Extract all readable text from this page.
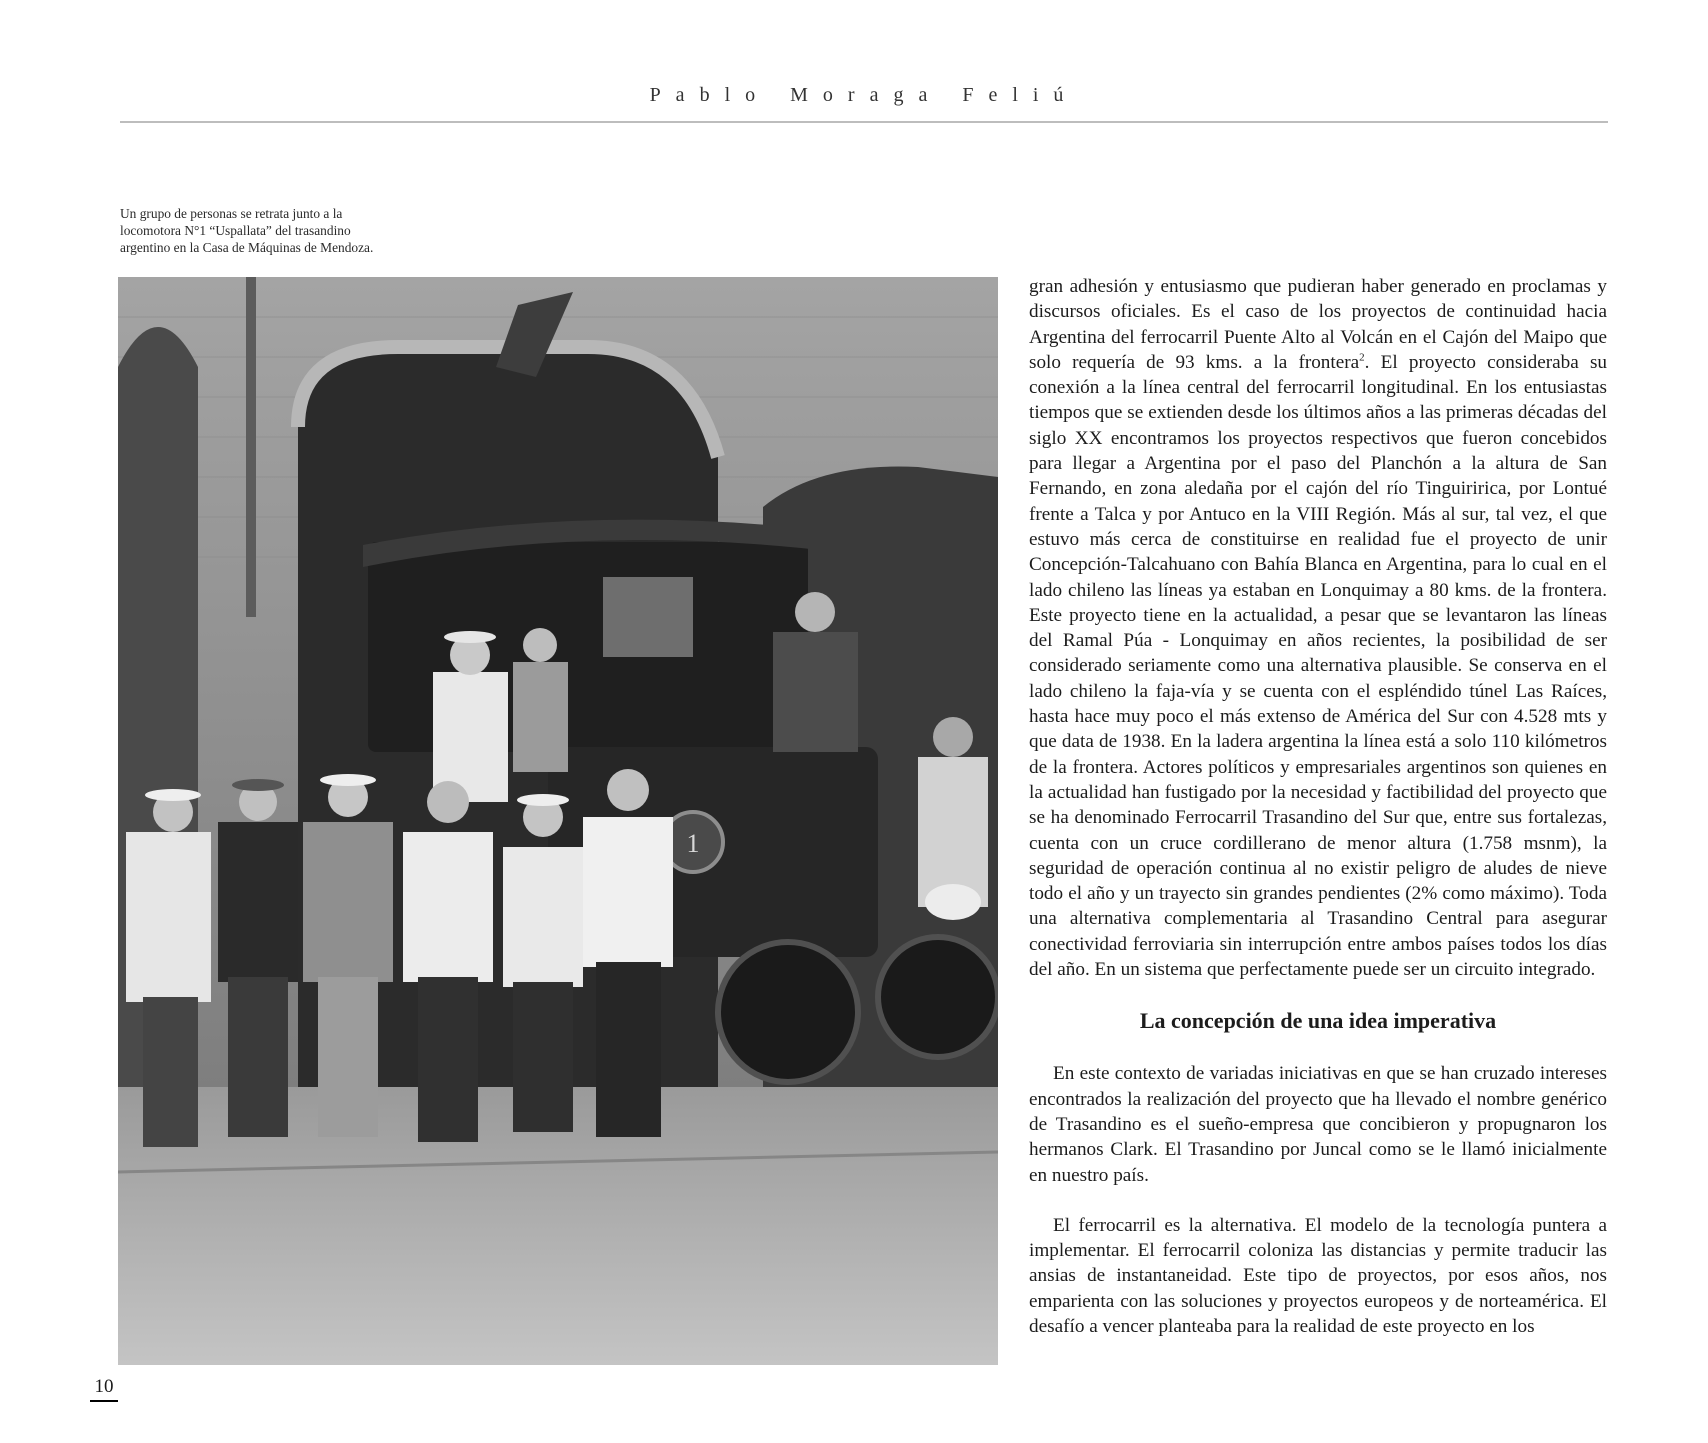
Pablo Moraga Feliú
Un grupo de personas se retrata junto a la
locomotora N°1 “Uspallata” del trasandino
argentino en la Casa de Máquinas de Mendoza.
1

gran adhesión y entusiasmo que pudieran haber generado en proclamas y discursos oficiales. Es el caso de los proyectos de continuidad hacia Argentina del ferrocarril Puente Alto al Volcán en el Cajón del Maipo que solo requería de 93 kms. a la frontera$^2$. El proyecto consideraba su conexión a la línea central del ferrocarril longitudinal. En los entusiastas tiempos que se extienden desde los últimos años a las primeras décadas del siglo XX encontramos los proyectos respectivos que fueron concebidos para llegar a Argentina por el paso del Planchón a la altura de San Fernando, en zona aledaña por el cajón del río Tinguiririca, por Lontué frente a Talca y por Antuco en la VIII Región. Más al sur, tal vez, el que estuvo más cerca de constituirse en realidad fue el proyecto de unir Concepción-Talcahuano con Bahía Blanca en Argentina, para lo cual en el lado chileno las líneas ya estaban en Lonquimay a 80 kms. de la frontera. Este proyecto tiene en la actualidad, a pesar que se levantaron las líneas del Ramal Púa - Lonquimay en años recientes, la posibilidad de ser considerado seriamente como una alternativa plausible. Se conserva en el lado chileno la faja-vía y se cuenta con el espléndido túnel Las Raíces, hasta hace muy poco el más extenso de América del Sur con 4.528 mts y que data de 1938. En la ladera argentina la línea está a solo 110 kilómetros de la frontera. Actores políticos y empresariales argentinos son quienes en la actualidad han fustigado por la necesidad y factibilidad del proyecto que se ha denominado Ferrocarril Trasandino del Sur que, entre sus fortalezas, cuenta con un cruce cordillerano de menor altura (1.758 msnm), la seguridad de operación continua al no existir peligro de aludes de nieve todo el año y un trayecto sin grandes pendientes (2% como máximo). Toda una alternativa complementaria al Trasandino Central para asegurar conectividad ferroviaria sin interrupción entre ambos países todos los días del año. En un sistema que perfectamente puede ser un circuito integrado.

La concepción de una idea imperativa

En este contexto de variadas iniciativas en que se han cruzado intereses encontrados la realización del proyecto que ha llevado el nombre genérico de Trasandino es el sueño-empresa que concibieron y propugnaron los hermanos Clark. El Trasandino por Juncal como se le llamó inicialmente en nuestro país.

El ferrocarril es la alternativa. El modelo de la tecnología puntera a implementar. El ferrocarril coloniza las distancias y permite traducir las ansias de instantaneidad. Este tipo de proyectos, por esos años, nos emparienta con las soluciones y proyectos europeos y de norteamérica. El desafío a vencer planteaba para la realidad de este proyecto en los

10
